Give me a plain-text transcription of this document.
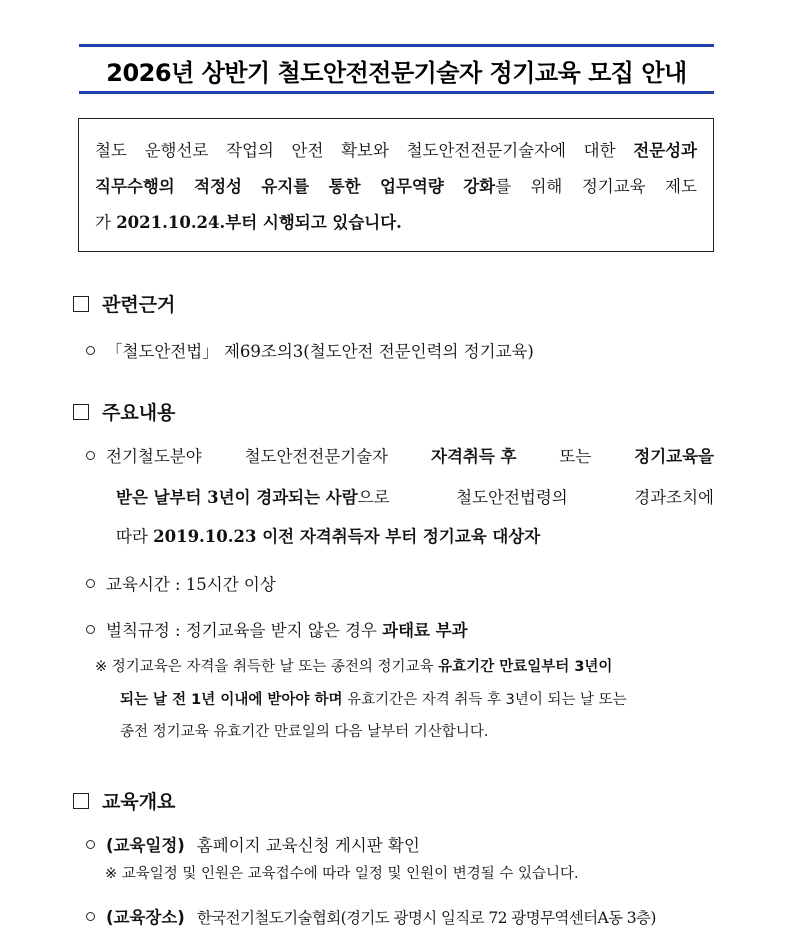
2026년 상반기 철도안전전문기술자 정기교육 모집 안내
철도 운행선로 작업의 안전 확보와 철도안전전문기술자에 대한 전문성과
직무수행의 적정성 유지를 통한 업무역량 강화를 위해 정기교육 제도
가 2021.10.24.부터 시행되고 있습니다.
관련근거
「철도안전법」 제69조의3(철도안전 전문인력의 정기교육)
주요내용
전기철도분야	철도안전전문기술자	자격취득 후	또는	정기교육을
받은 날부터 3년이 경과되는 사람으로	철도안전법령의	경과조치에
따라 2019.10.23 이전 자격취득자 부터 정기교육 대상자
교육시간 : 15시간 이상
벌칙규정 : 정기교육을 받지 않은 경우 과태료 부과
※ 정기교육은 자격을 취득한 날 또는 종전의 정기교육 유효기간 만료일부터 3년이
되는 날 전 1년 이내에 받아야 하며 유효기간은 자격 취득 후 3년이 되는 날 또는
종전 정기교육 유효기간 만료일의 다음 날부터 기산합니다.
교육개요
(교육일정) 홈페이지 교육신청 게시판 확인
※ 교육일정 및 인원은 교육접수에 따라 일정 및 인원이 변경될 수 있습니다.
(교육장소) 한국전기철도기술협회(경기도 광명시 일직로 72 광명무역센터A동 3층)
